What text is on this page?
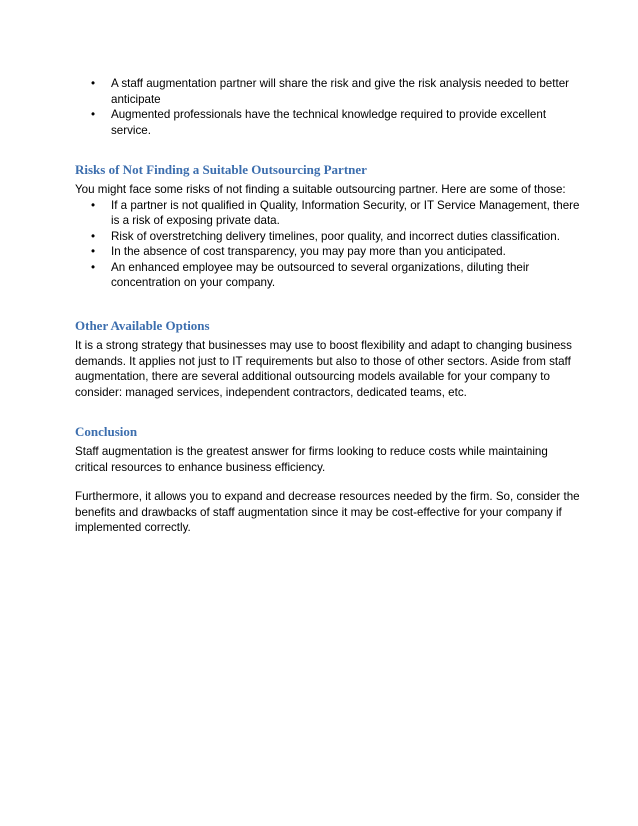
• A staff augmentation partner will share the risk and give the risk analysis needed to better anticipate
• Augmented professionals have the technical knowledge required to provide excellent service.
Risks of Not Finding a Suitable Outsourcing Partner

You might face some risks of not finding a suitable outsourcing partner. Here are some of those:

• If a partner is not qualified in Quality, Information Security, or IT Service Management, there is a risk of exposing private data.
• Risk of overstretching delivery timelines, poor quality, and incorrect duties classification.
• In the absence of cost transparency, you may pay more than you anticipated.
• An enhanced employee may be outsourced to several organizations, diluting their concentration on your company.
Other Available Options

It is a strong strategy that businesses may use to boost flexibility and adapt to changing business demands. It applies not just to IT requirements but also to those of other sectors. Aside from staff augmentation, there are several additional outsourcing models available for your company to consider: managed services, independent contractors, dedicated teams, etc.

Conclusion

Staff augmentation is the greatest answer for firms looking to reduce costs while maintaining critical resources to enhance business efficiency.

Furthermore, it allows you to expand and decrease resources needed by the firm. So, consider the benefits and drawbacks of staff augmentation since it may be cost-effective for your company if implemented correctly.
